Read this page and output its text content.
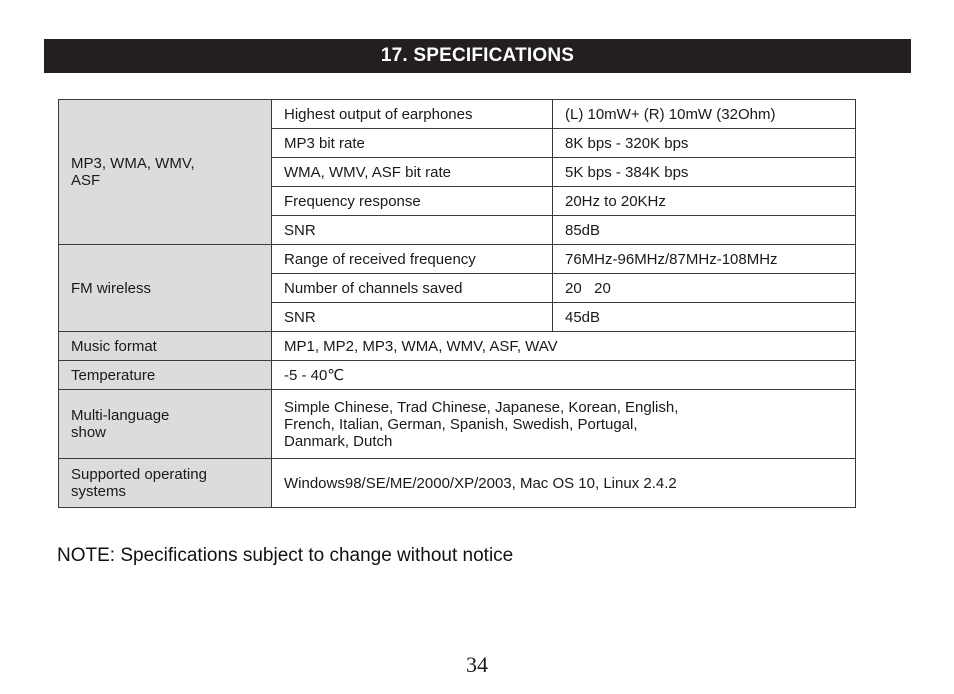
17. SPECIFICATIONS
MP3, WMA, WMV,
ASF	Highest output of earphones	(L) 10mW+ (R) 10mW (32Ohm)
	MP3 bit rate	8K bps - 320K bps
	WMA, WMV, ASF bit rate	5K bps - 384K bps
	Frequency response	20Hz to 20KHz
	SNR	85dB
FM wireless	Range of received frequency	76MHz-96MHz/87MHz-108MHz
	Number of channels saved	20   20
	SNR	45dB
Music format	MP1, MP2, MP3, WMA, WMV, ASF, WAV	
Temperature	-5 - 40℃	
Multi-language
show	Simple Chinese, Trad Chinese, Japanese, Korean, English,
French, Italian, German, Spanish, Swedish, Portugal,
Danmark, Dutch	
Supported operating
systems	Windows98/SE/ME/2000/XP/2003, Mac OS 10, Linux 2.4.2	
NOTE: Specifications subject to change without notice
34
